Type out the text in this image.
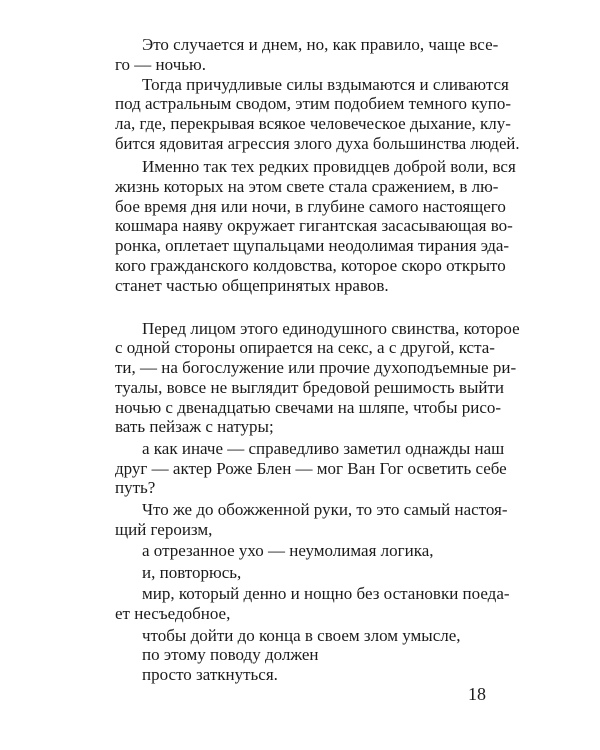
Это случается и днем, но, как правило, чаще все-
го — ночью.
Тогда причудливые силы вздымаются и сливаются
под астральным сводом, этим подобием темного купо-
ла, где, перекрывая всякое человеческое дыхание, клу-
бится ядовитая агрессия злого духа большинства людей.
Именно так тех редких провидцев доброй воли, вся
жизнь которых на этом свете стала сражением, в лю-
бое время дня или ночи, в глубине самого настоящего
кошмара наяву окружает гигантская засасывающая во-
ронка, оплетает щупальцами неодолимая тирания эда-
кого гражданского колдовства, которое скоро открыто
станет частью общепринятых нравов.
Перед лицом этого единодушного свинства, которое
с одной стороны опирается на секс, а с другой, кста-
ти, — на богослужение или прочие духоподъемные ри-
туалы, вовсе не выглядит бредовой решимость выйти
ночью с двенадцатью свечами на шляпе, чтобы рисо-
вать пейзаж с натуры;
а как иначе — справедливо заметил однажды наш
друг — актер Роже Блен — мог Ван Гог осветить себе
путь?
Что же до обожженной руки, то это самый настоя-
щий героизм,
а отрезанное ухо — неумолимая логика,
и, повторюсь,
мир, который денно и нощно без остановки поеда-
ет несъедобное,
чтобы дойти до конца в своем злом умысле,
по этому поводу должен
просто заткнуться.
18
